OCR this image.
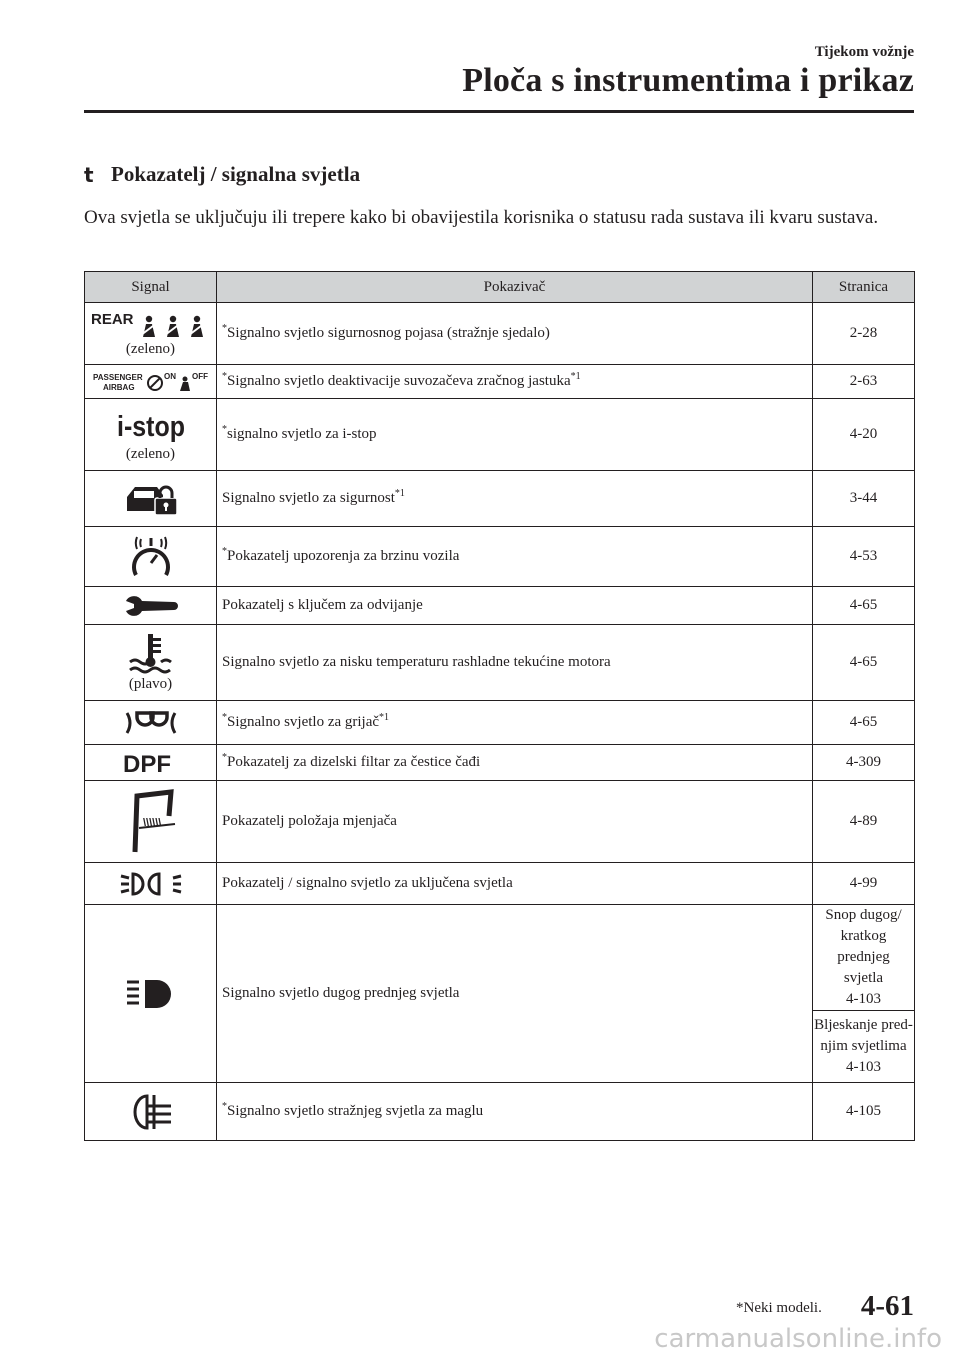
Tijekom vožnje
Ploča s instrumentima i prikaz
t Pokazatelj / signalna svjetla
Ova svjetla se uključuju ili trepere kako bi obavijestila korisnika o statusu rada sustava ili kvaru sustava.
Signal	Pokazivač	Stranica

REAR
(zeleno)	*Signalno svjetlo sigurnosnog pojasa (stražnje sjedalo)	2-28

PASSENGER
AIRBAG
ON OFF	*Signalno svjetlo deaktivacije suvozačeva zračnog jastuka$^{*1}$	2-63

i-stop
(zeleno)	*signalno svjetlo za i-stop	4-20
	Signalno svjetlo za sigurnost$^{*1}$	3-44
	*Pokazatelj upozorenja za brzinu vozila	4-53
	Pokazatelj s ključem za odvijanje	4-65

(plavo)	Signalno svjetlo za nisku temperaturu rashladne tekućine motora	4-65
	*Signalno svjetlo za grijač$^{*1}$	4-65

DPF	*Pokazatelj za dizelski filtar za čestice čađi	4-309

\\\\\\	Pokazatelj položaja mjenjača	4-89
	Pokazatelj / signalno svjetlo za uključena svjetla	4-99
	Signalno svjetlo dugog prednjeg svjetla	Snop dugog/
kratkog prednjeg
svjetla
4-103

		Bljeskanje pred-
njim svjetlima
4-103

	*Signalno svjetlo stražnjeg svjetla za maglu	4-105
*Neki modeli. 4-61
carmanualsonline.info
